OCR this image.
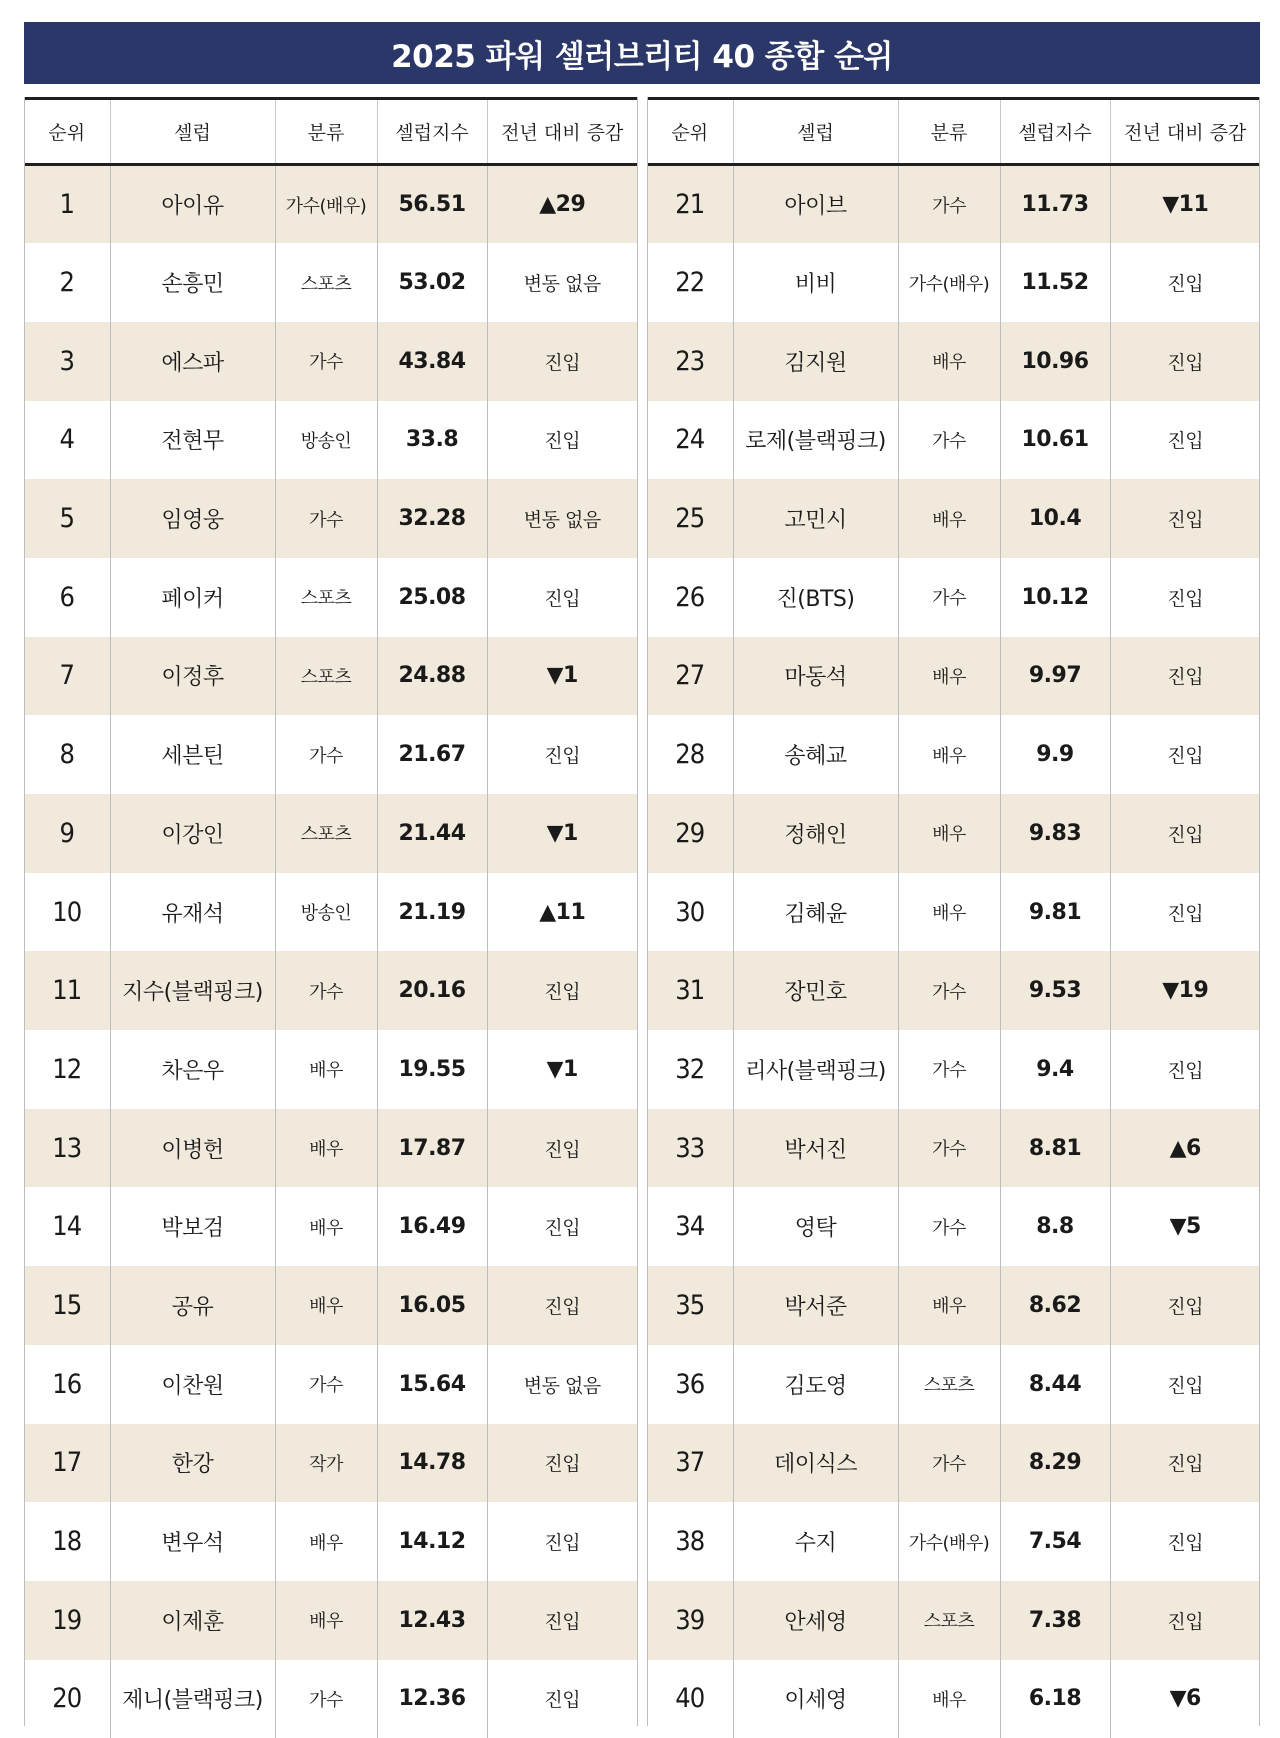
2025 파워 셀러브리티 40 종합 순위
순위	셀럽	분류	셀럽지수	전년 대비 증감
1	아이유	가수(배우)	56.51	▲29
2	손흥민	스포츠	53.02	변동 없음
3	에스파	가수	43.84	진입
4	전현무	방송인	33.8	진입
5	임영웅	가수	32.28	변동 없음
6	페이커	스포츠	25.08	진입
7	이정후	스포츠	24.88	▼1
8	세븐틴	가수	21.67	진입
9	이강인	스포츠	21.44	▼1
10	유재석	방송인	21.19	▲11
11	지수(블랙핑크)	가수	20.16	진입
12	차은우	배우	19.55	▼1
13	이병헌	배우	17.87	진입
14	박보검	배우	16.49	진입
15	공유	배우	16.05	진입
16	이찬원	가수	15.64	변동 없음
17	한강	작가	14.78	진입
18	변우석	배우	14.12	진입
19	이제훈	배우	12.43	진입
20	제니(블랙핑크)	가수	12.36	진입
순위	셀럽	분류	셀럽지수	전년 대비 증감
21	아이브	가수	11.73	▼11
22	비비	가수(배우)	11.52	진입
23	김지원	배우	10.96	진입
24	로제(블랙핑크)	가수	10.61	진입
25	고민시	배우	10.4	진입
26	진(BTS)	가수	10.12	진입
27	마동석	배우	9.97	진입
28	송혜교	배우	9.9	진입
29	정해인	배우	9.83	진입
30	김혜윤	배우	9.81	진입
31	장민호	가수	9.53	▼19
32	리사(블랙핑크)	가수	9.4	진입
33	박서진	가수	8.81	▲6
34	영탁	가수	8.8	▼5
35	박서준	배우	8.62	진입
36	김도영	스포츠	8.44	진입
37	데이식스	가수	8.29	진입
38	수지	가수(배우)	7.54	진입
39	안세영	스포츠	7.38	진입
40	이세영	배우	6.18	▼6
